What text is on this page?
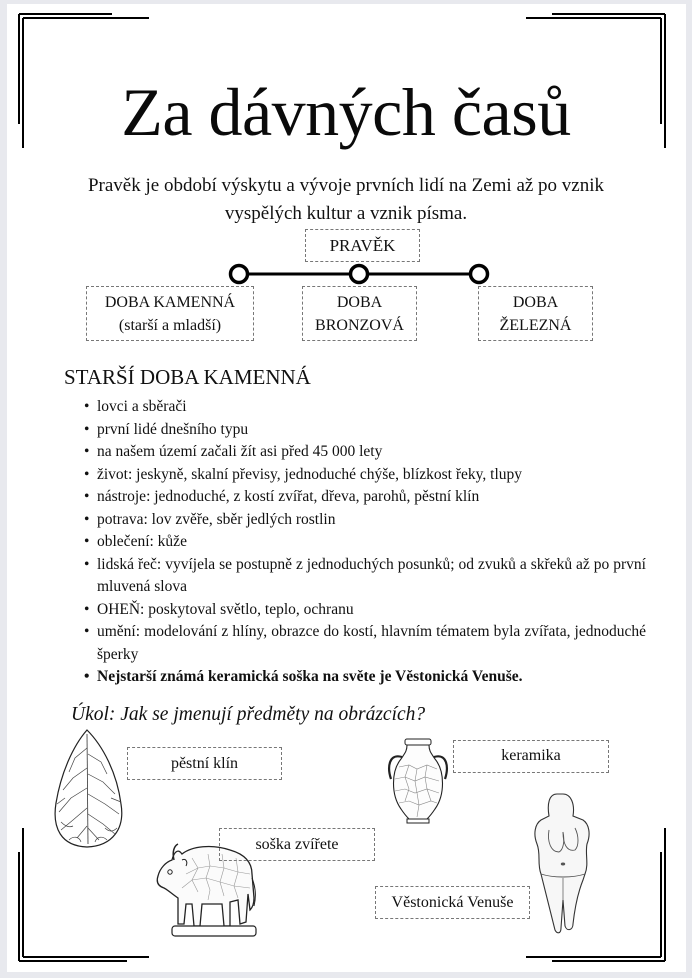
Za dávných časů
Pravěk je období výskytu a vývoje prvních lidí na Zemi až po vznik vyspělých kultur a vznik písma.
PRAVĚK
DOBA KAMENNÁ
(starší a mladší)
DOBA
BRONZOVÁ
DOBA
ŽELEZNÁ
STARŠÍ DOBA KAMENNÁ
• lovci a sběrači
• první lidé dnešního typu
• na našem území začali žít asi před 45 000 lety
• život: jeskyně, skalní převisy, jednoduché chýše, blízkost řeky, tlupy
• nástroje: jednoduché, z kostí zvířat, dřeva, parohů, pěstní klín
• potrava: lov zvěře, sběr jedlých rostlin
• oblečení: kůže
• lidská řeč: vyvíjela se postupně z jednoduchých posunků; od zvuků a skřeků až po první mluvená slova
• OHEŇ: poskytoval světlo, teplo, ochranu
• umění: modelování z hlíny, obrazce do kostí, hlavním tématem byla zvířata, jednoduché šperky
• Nejstarší známá keramická soška na světe je Věstonická Venuše.
Úkol: Jak se jmenují předměty na obrázcích?
pěstní klín	keramika
soška zvířete
Věstonická Venuše
